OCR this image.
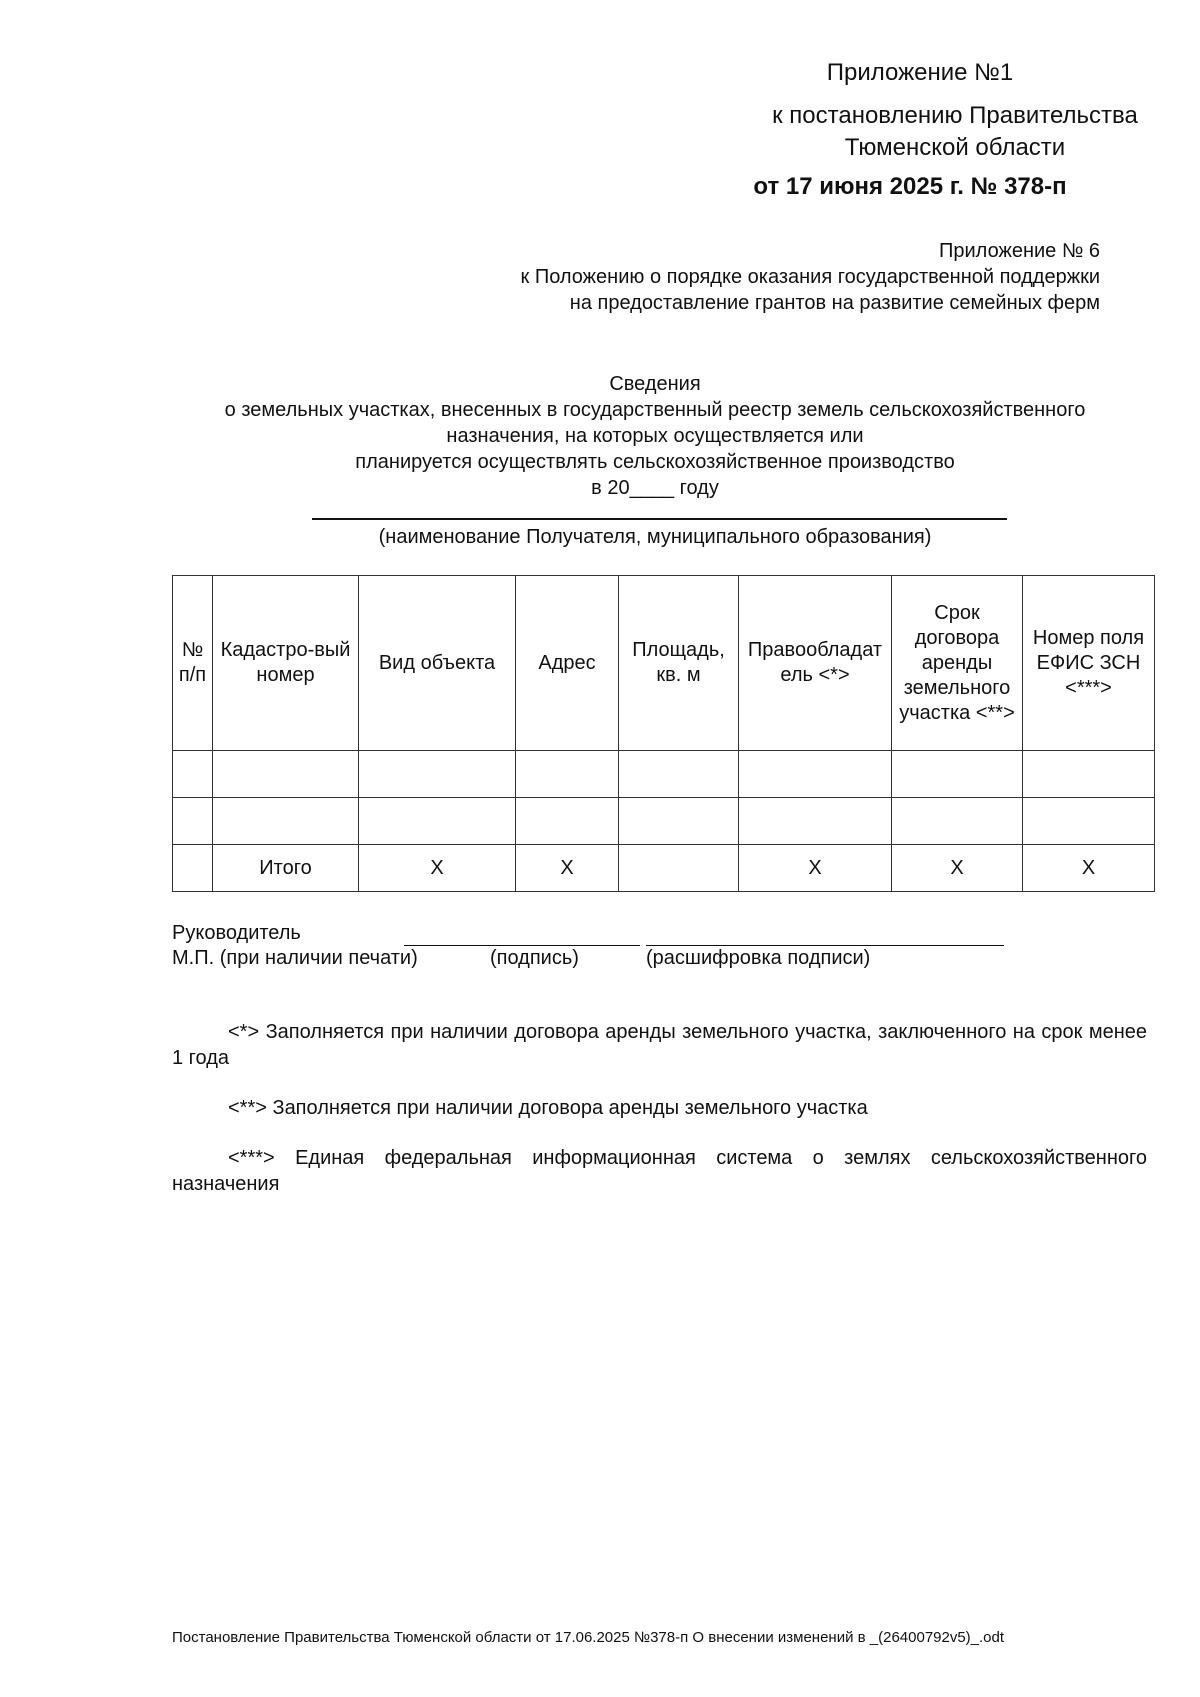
Приложение №1
к постановлению Правительства
Тюменской области
от 17 июня 2025 г. № 378-п
Приложение № 6
к Положению о порядке оказания государственной поддержки
на предоставление грантов на развитие семейных ферм
Сведения
о земельных участках, внесенных в государственный реестр земель сельскохозяйственного
назначения, на которых осуществляется или
планируется осуществлять сельскохозяйственное производство
в 20____ году
(наименование Получателя, муниципального образования)
№ п/п	Кадастро-вый номер	Вид объекта	Адрес	Площадь, кв. м	Правообладатель <*>	Срок договора аренды земельного участка <**>	Номер поля ЕФИС ЗСН <***>

	Итого	X	X		X	X	X
Руководитель
М.П. (при наличии печати)	(подпись)	(расшифровка подписи)
<*> Заполняется при наличии договора аренды земельного участка, заключенного на срок менее 1 года
<**> Заполняется при наличии договора аренды земельного участка
<***> Единая федеральная информационная система о землях сельскохозяйственного назначения
Постановление Правительства Тюменской области от 17.06.2025 №378-п О внесении изменений в _(26400792v5)_.odt
